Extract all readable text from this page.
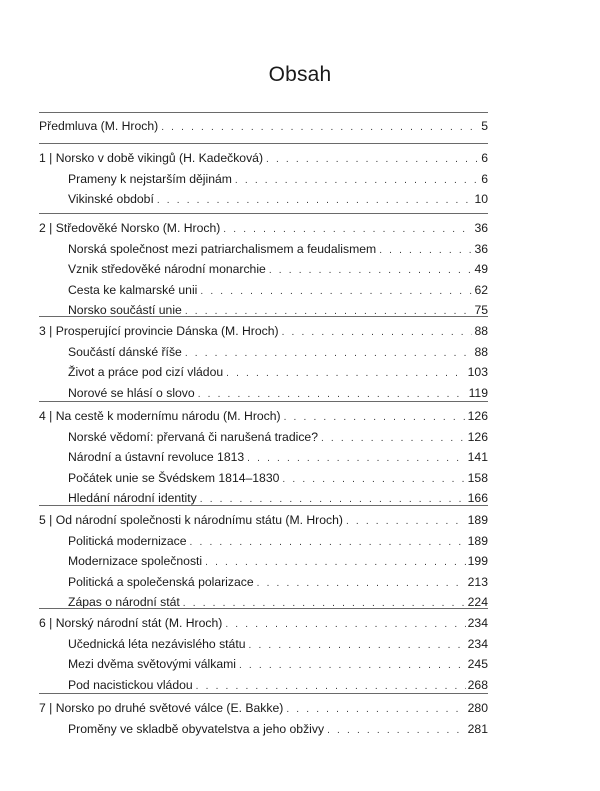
Obsah
Předmluva (M. Hroch) . . .	5
1 | Norsko v době vikingů (H. Kadečková) . . .	6
Prameny k nejstarším dějinám . . .	6
Vikinské období . . .	10
2 | Středověké Norsko (M. Hroch) . . .	36
Norská společnost mezi patriarchalismem a feudalismem . . .	36
Vznik středověké národní monarchie . . .	49
Cesta ke kalmarské unii . . .	62
Norsko součástí unie . . .	75
3 | Prosperující provincie Dánska (M. Hroch) . . .	88
Součástí dánské říše . . .	88
Život a práce pod cizí vládou . . .	103
Norové se hlásí o slovo . . .	119
4 | Na cestě k modernímu národu (M. Hroch) . . .	126
Norské vědomí: přervaná či narušená tradice? . . .	126
Národní a ústavní revoluce 1813 . . .	141
Počátek unie se Švédskem 1814–1830 . . .	158
Hledání národní identity . . .	166
5 | Od národní společnosti k národnímu státu (M. Hroch) . . .	189
Politická modernizace . . .	189
Modernizace společnosti . . .	199
Politická a společenská polarizace . . .	213
Zápas o národní stát . . .	224
6 | Norský národní stát (M. Hroch) . . .	234
Učednická léta nezávislého státu . . .	234
Mezi dvěma světovými válkami . . .	245
Pod nacistickou vládou . . .	268
7 | Norsko po druhé světové válce (E. Bakke) . . .	280
Proměny ve skladbě obyvatelstva a jeho obživy . . .	281
